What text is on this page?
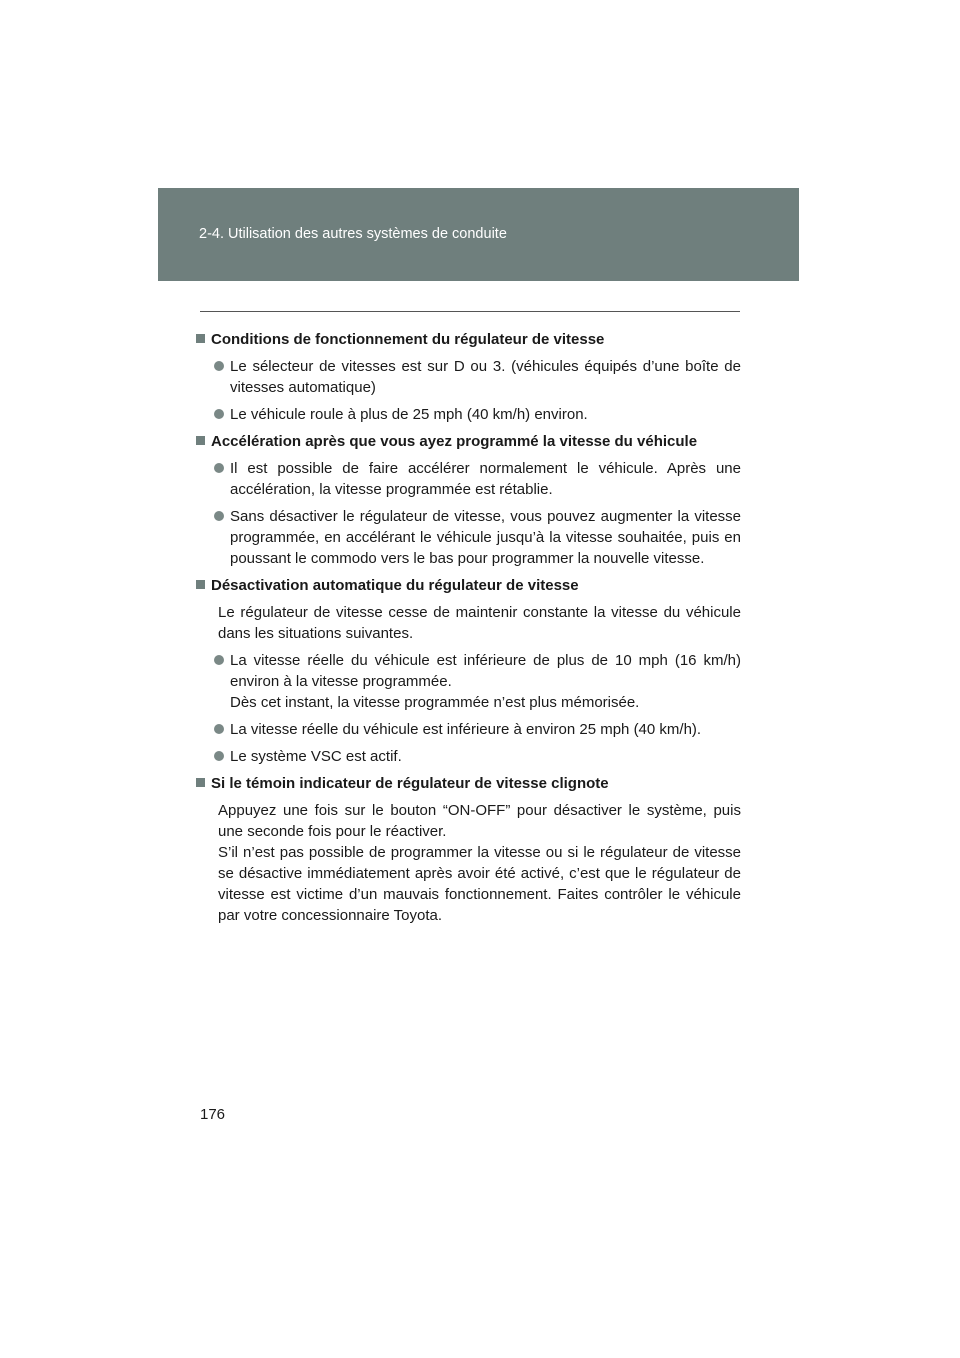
2-4. Utilisation des autres systèmes de conduite
Conditions de fonctionnement du régulateur de vitesse
Le sélecteur de vitesses est sur D ou 3. (véhicules équipés d’une boîte de vitesses automatique)
Le véhicule roule à plus de 25 mph (40 km/h) environ.
Accélération après que vous ayez programmé la vitesse du véhicule
Il est possible de faire accélérer normalement le véhicule. Après une accélération, la vitesse programmée est rétablie.
Sans désactiver le régulateur de vitesse, vous pouvez augmenter la vitesse programmée, en accélérant le véhicule jusqu’à la vitesse souhaitée, puis en poussant le commodo vers le bas pour programmer la nouvelle vitesse.
Désactivation automatique du régulateur de vitesse
Le régulateur de vitesse cesse de maintenir constante la vitesse du véhicule dans les situations suivantes.
La vitesse réelle du véhicule est inférieure de plus de 10 mph (16 km/h) environ à la vitesse programmée.
Dès cet instant, la vitesse programmée n’est plus mémorisée.
La vitesse réelle du véhicule est inférieure à environ 25 mph (40 km/h).
Le système VSC est actif.
Si le témoin indicateur de régulateur de vitesse clignote
Appuyez une fois sur le bouton “ON-OFF” pour désactiver le système, puis une seconde fois pour le réactiver.
S’il n’est pas possible de programmer la vitesse ou si le régulateur de vitesse se désactive immédiatement après avoir été activé, c’est que le régulateur de vitesse est victime d’un mauvais fonctionnement. Faites contrôler le véhicule par votre concessionnaire Toyota.
176
